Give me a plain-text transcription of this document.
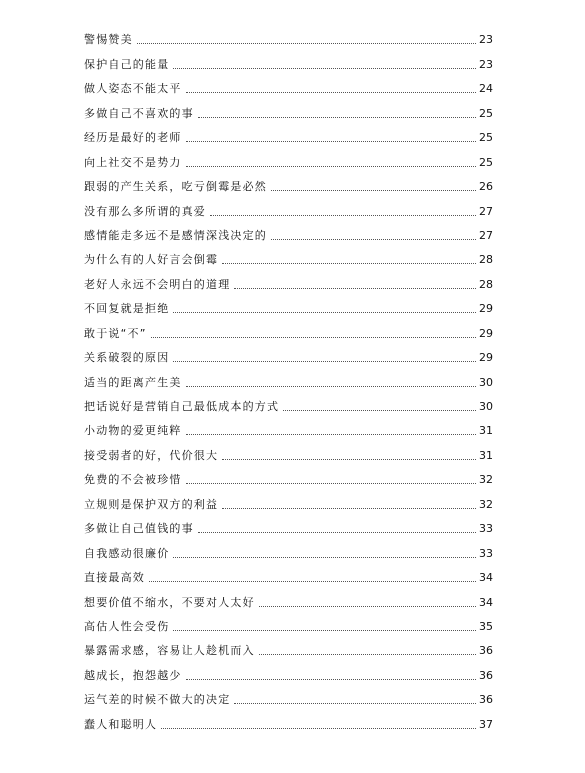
警惕赞美	23
保护自己的能量	23
做人姿态不能太平	24
多做自己不喜欢的事	25
经历是最好的老师	25
向上社交不是势力	25
跟弱的产生关系，吃亏倒霉是必然	26
没有那么多所谓的真爱	27
感情能走多远不是感情深浅决定的	27
为什么有的人好言会倒霉	28
老好人永远不会明白的道理	28
不回复就是拒绝	29
敢于说“不”	29
关系破裂的原因	29
适当的距离产生美	30
把话说好是营销自己最低成本的方式	30
小动物的爱更纯粹	31
接受弱者的好，代价很大	31
免费的不会被珍惜	32
立规则是保护双方的利益	32
多做让自己值钱的事	33
自我感动很廉价	33
直接最高效	34
想要价值不缩水，不要对人太好	34
高估人性会受伤	35
暴露需求感，容易让人趁机而入	36
越成长，抱怨越少	36
运气差的时候不做大的决定	36
蠢人和聪明人	37
